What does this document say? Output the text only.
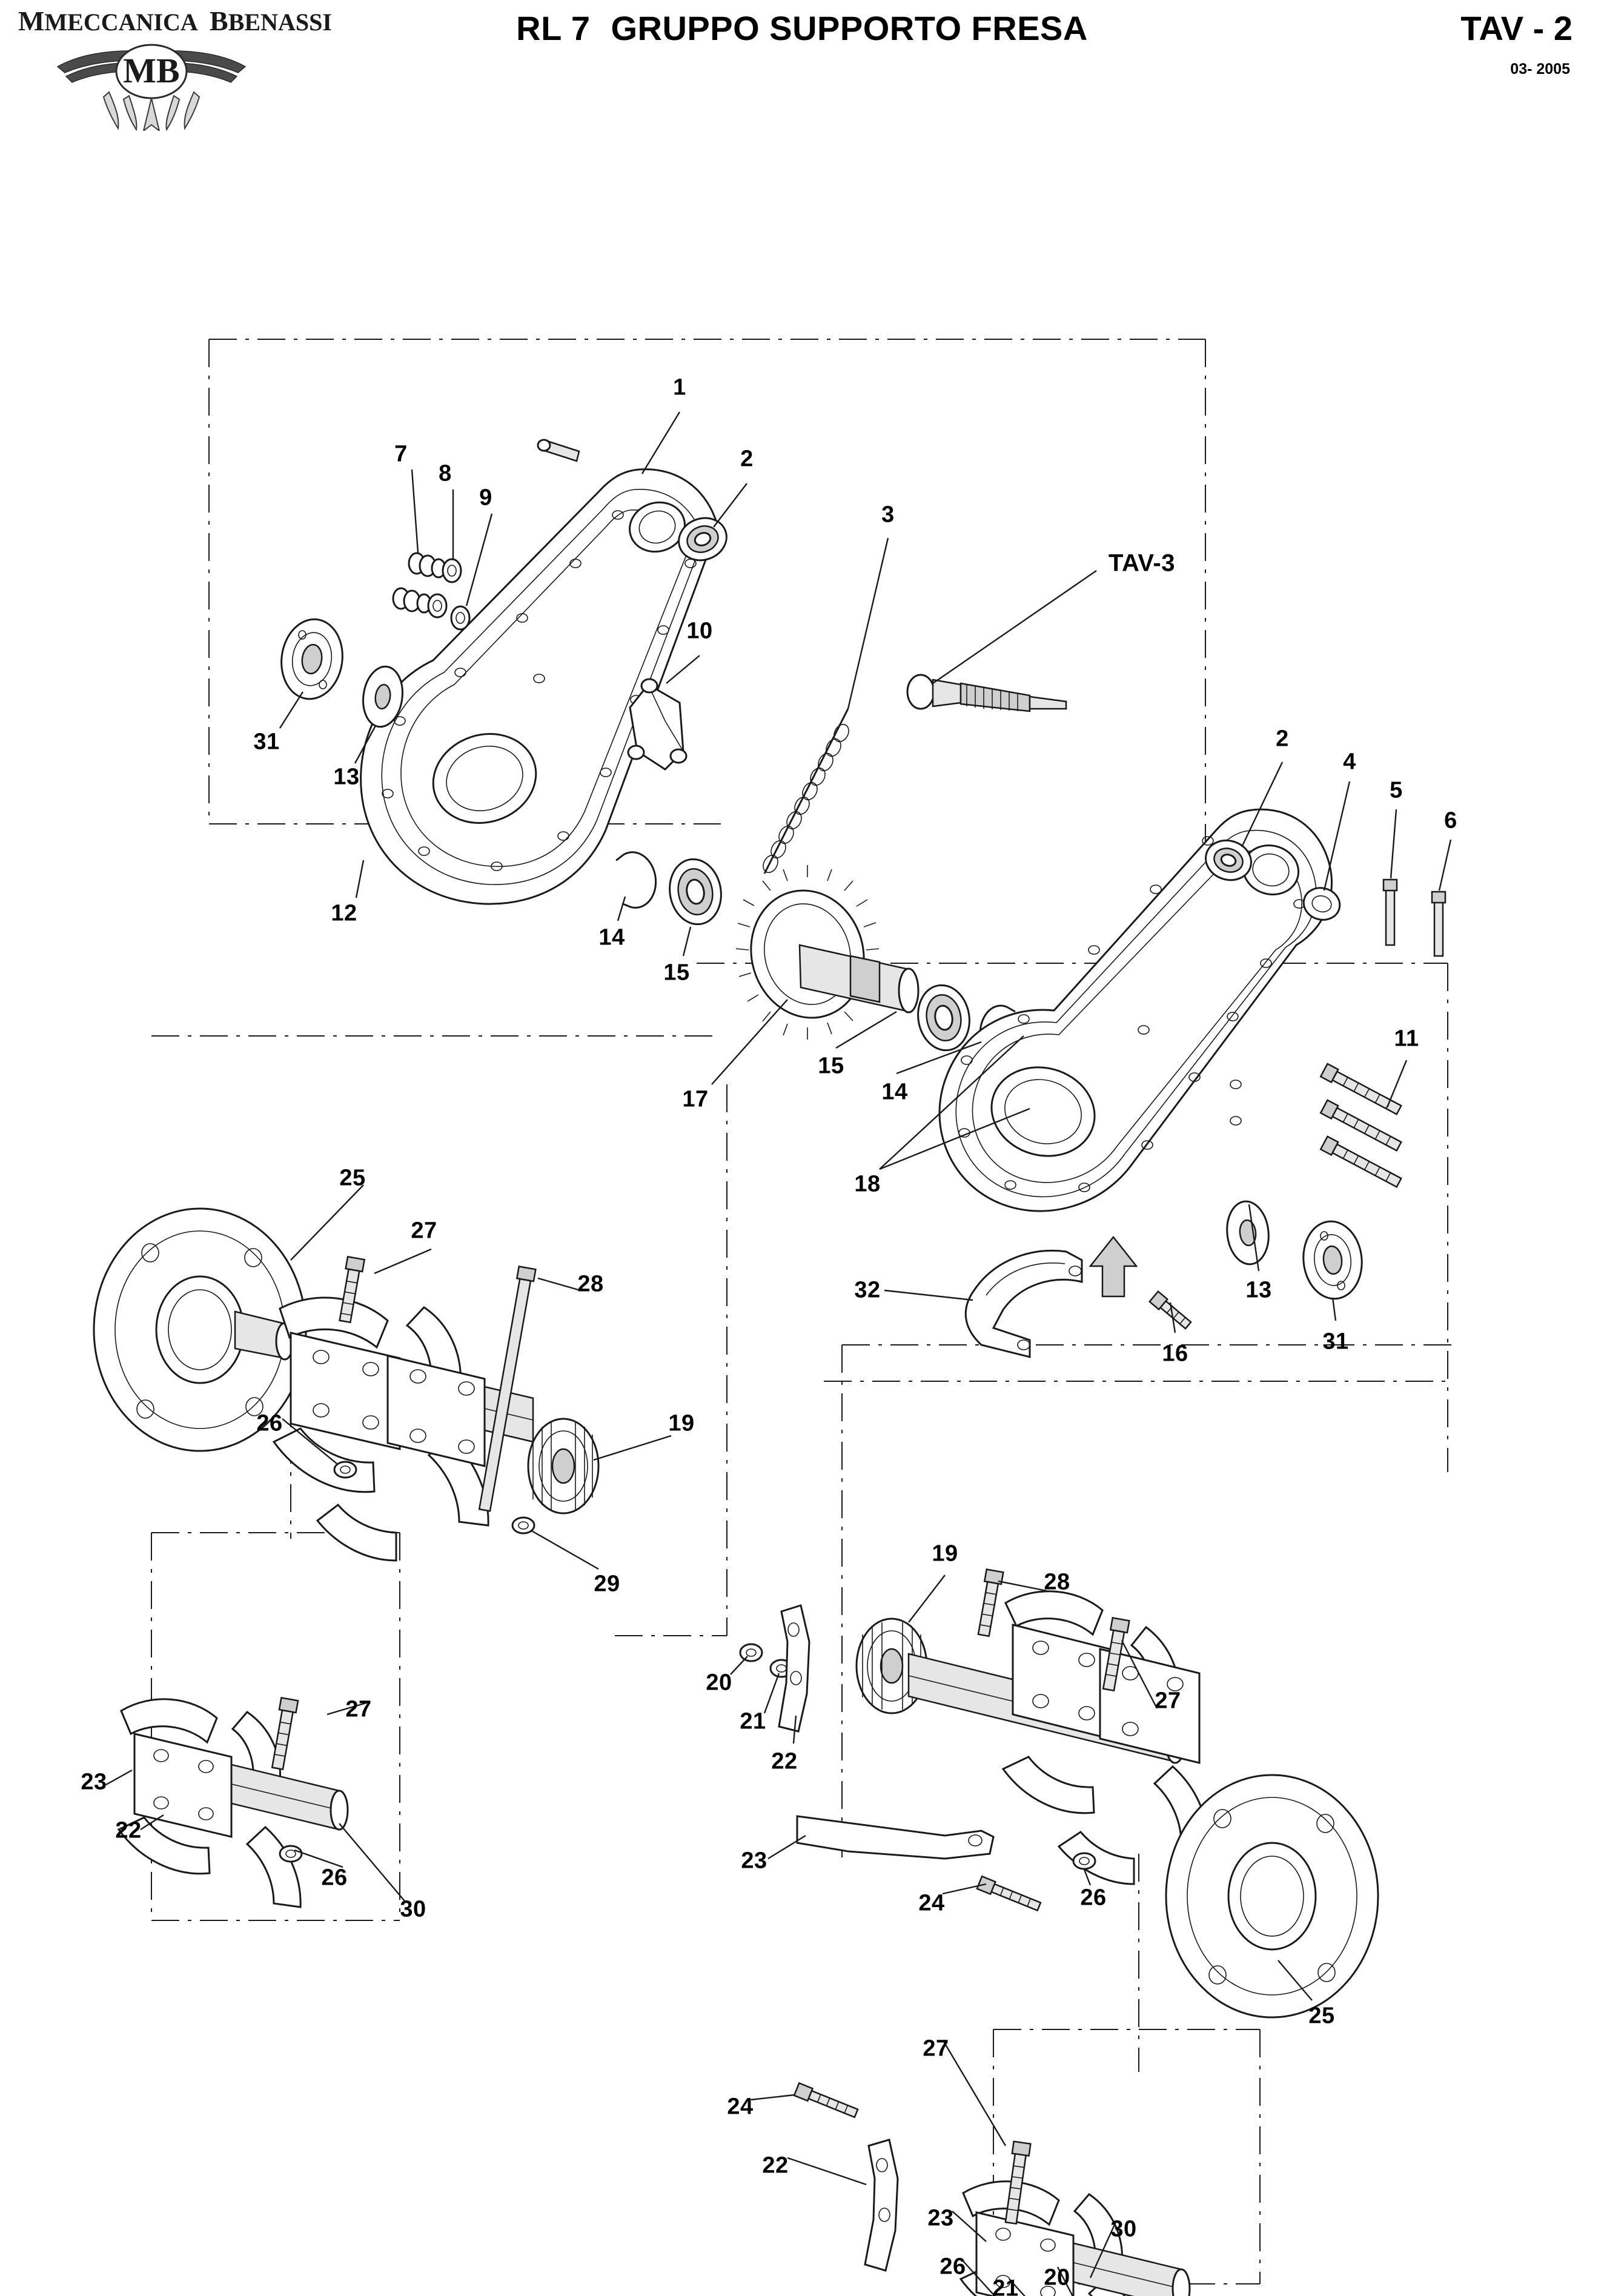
MMECCANICA  BBENASSI
MB
RL 7 GRUPPO SUPPORTO FRESA	TAV - 2
03- 2005
1
7	2
8
9
3
TAV-3
10
31
13
2
4
5
6
12
14
15
11
17
15
14
18
25
27
28	13
31
32
16
26	19
29
19
28
20
21
22
27
27
23
22
26
30
23
24	26
25
27
24
22
23
26
21 20
30
